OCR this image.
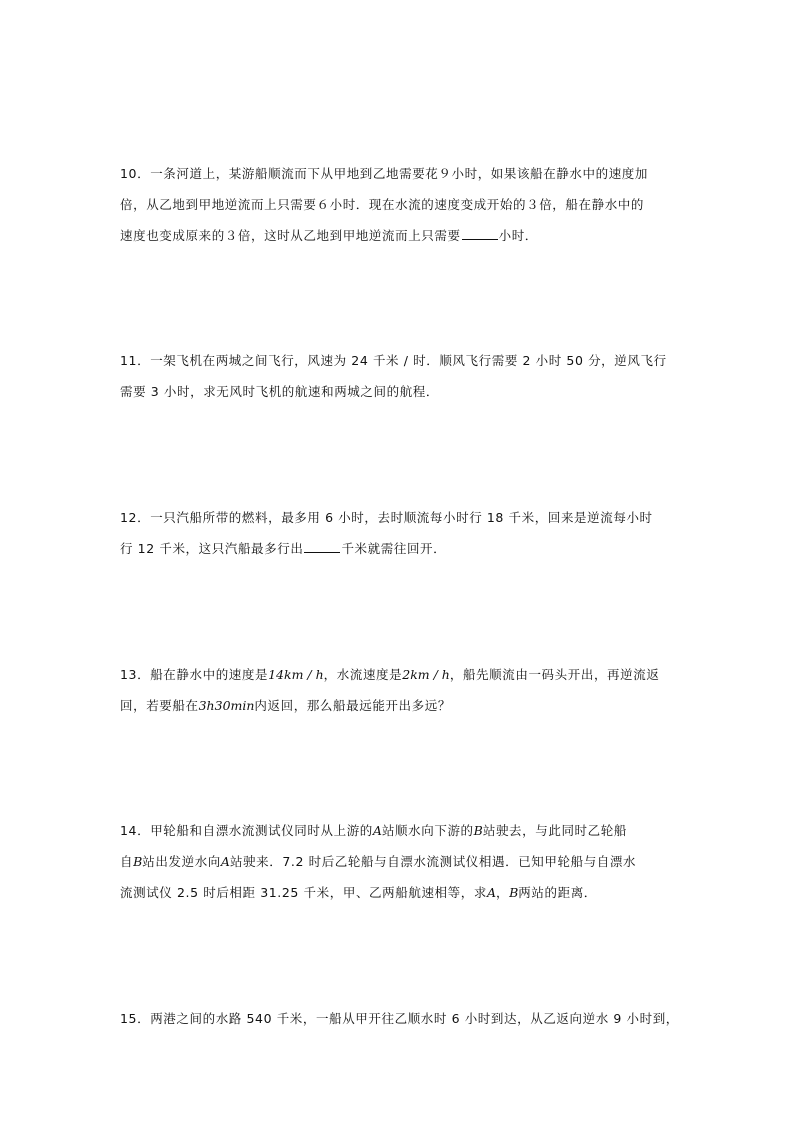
10．一条河道上，某游船顺流而下从甲地到乙地需要花９小时，如果该船在静水中的速度加
倍，从乙地到甲地逆流而上只需要６小时．现在水流的速度变成开始的３倍，船在静水中的
速度也变成原来的３倍，这时从乙地到甲地逆流而上只需要	小时．
11．一架飞机在两城之间飞行，风速为 24 千米 / 时．顺风飞行需要 2 小时 50 分，逆风飞行
需要 3 小时，求无风时飞机的航速和两城之间的航程．
12．一只汽船所带的燃料，最多用 6 小时，去时顺流每小时行 18 千米，回来是逆流每小时
行 12 千米，这只汽船最多行出	千米就需往回开．
13．船在静水中的速度是14km / h，水流速度是2km / h，船先顺流由一码头开出，再逆流返
回，若要船在3h30min内返回，那么船最远能开出多远？
14．甲轮船和自漂水流测试仪同时从上游的A站顺水向下游的B站驶去，与此同时乙轮船
自B站出发逆水向A站驶来．7.2 时后乙轮船与自漂水流测试仪相遇．已知甲轮船与自漂水
流测试仪 2.5 时后相距 31.25 千米，甲、乙两船航速相等，求A，B两站的距离．
15．两港之间的水路 540 千米，一船从甲开往乙顺水时 6 小时到达，从乙返向逆水 9 小时到，
